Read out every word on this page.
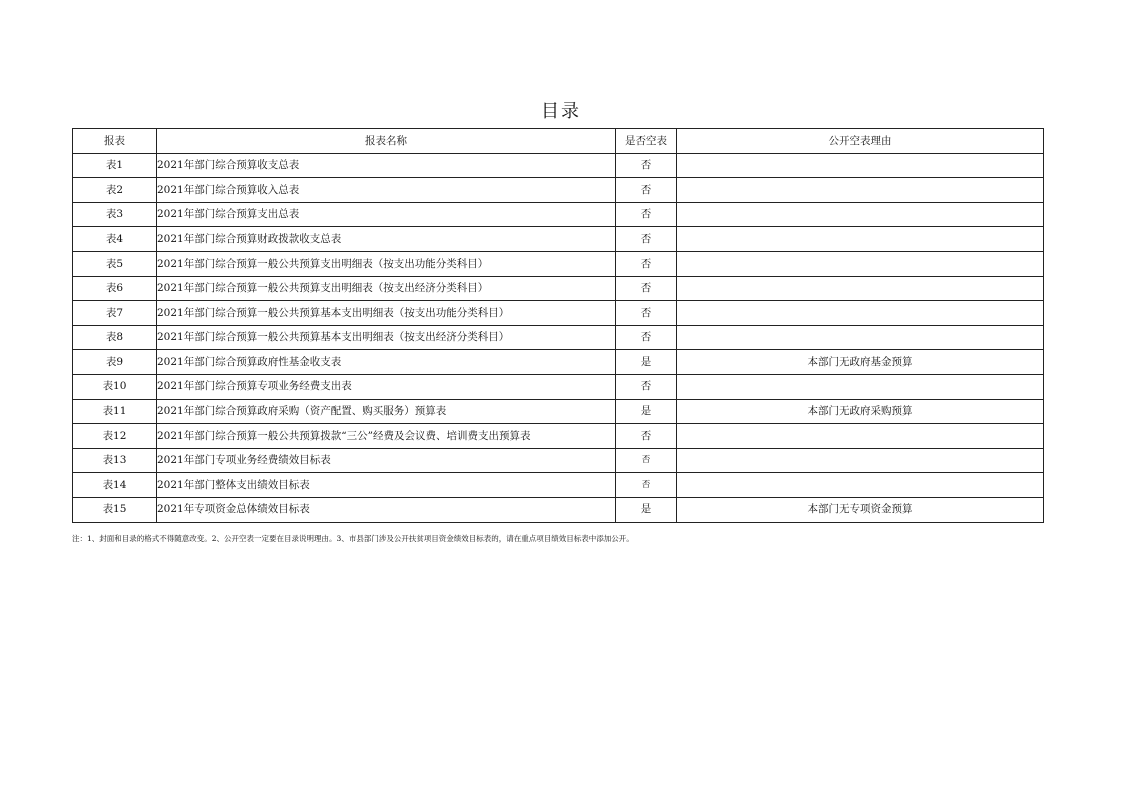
目录
报表	报表名称	是否空表	公开空表理由
表1	2021年部门综合预算收支总表	否	
表2	2021年部门综合预算收入总表	否	
表3	2021年部门综合预算支出总表	否	
表4	2021年部门综合预算财政拨款收支总表	否	
表5	2021年部门综合预算一般公共预算支出明细表（按支出功能分类科目）	否	
表6	2021年部门综合预算一般公共预算支出明细表（按支出经济分类科目）	否	
表7	2021年部门综合预算一般公共预算基本支出明细表（按支出功能分类科目）	否	
表8	2021年部门综合预算一般公共预算基本支出明细表（按支出经济分类科目）	否	
表9	2021年部门综合预算政府性基金收支表	是	本部门无政府基金预算
表10	2021年部门综合预算专项业务经费支出表	否	
表11	2021年部门综合预算政府采购（资产配置、购买服务）预算表	是	本部门无政府采购预算
表12	2021年部门综合预算一般公共预算拨款“三公”经费及会议费、培训费支出预算表	否	
表13	2021年部门专项业务经费绩效目标表	否	
表14	2021年部门整体支出绩效目标表	否	
表15	2021年专项资金总体绩效目标表	是	本部门无专项资金预算
注：1、封面和目录的格式不得随意改变。2、公开空表一定要在目录说明理由。3、市县部门涉及公开扶贫项目资金绩效目标表的，请在重点项目绩效目标表中添加公开。
